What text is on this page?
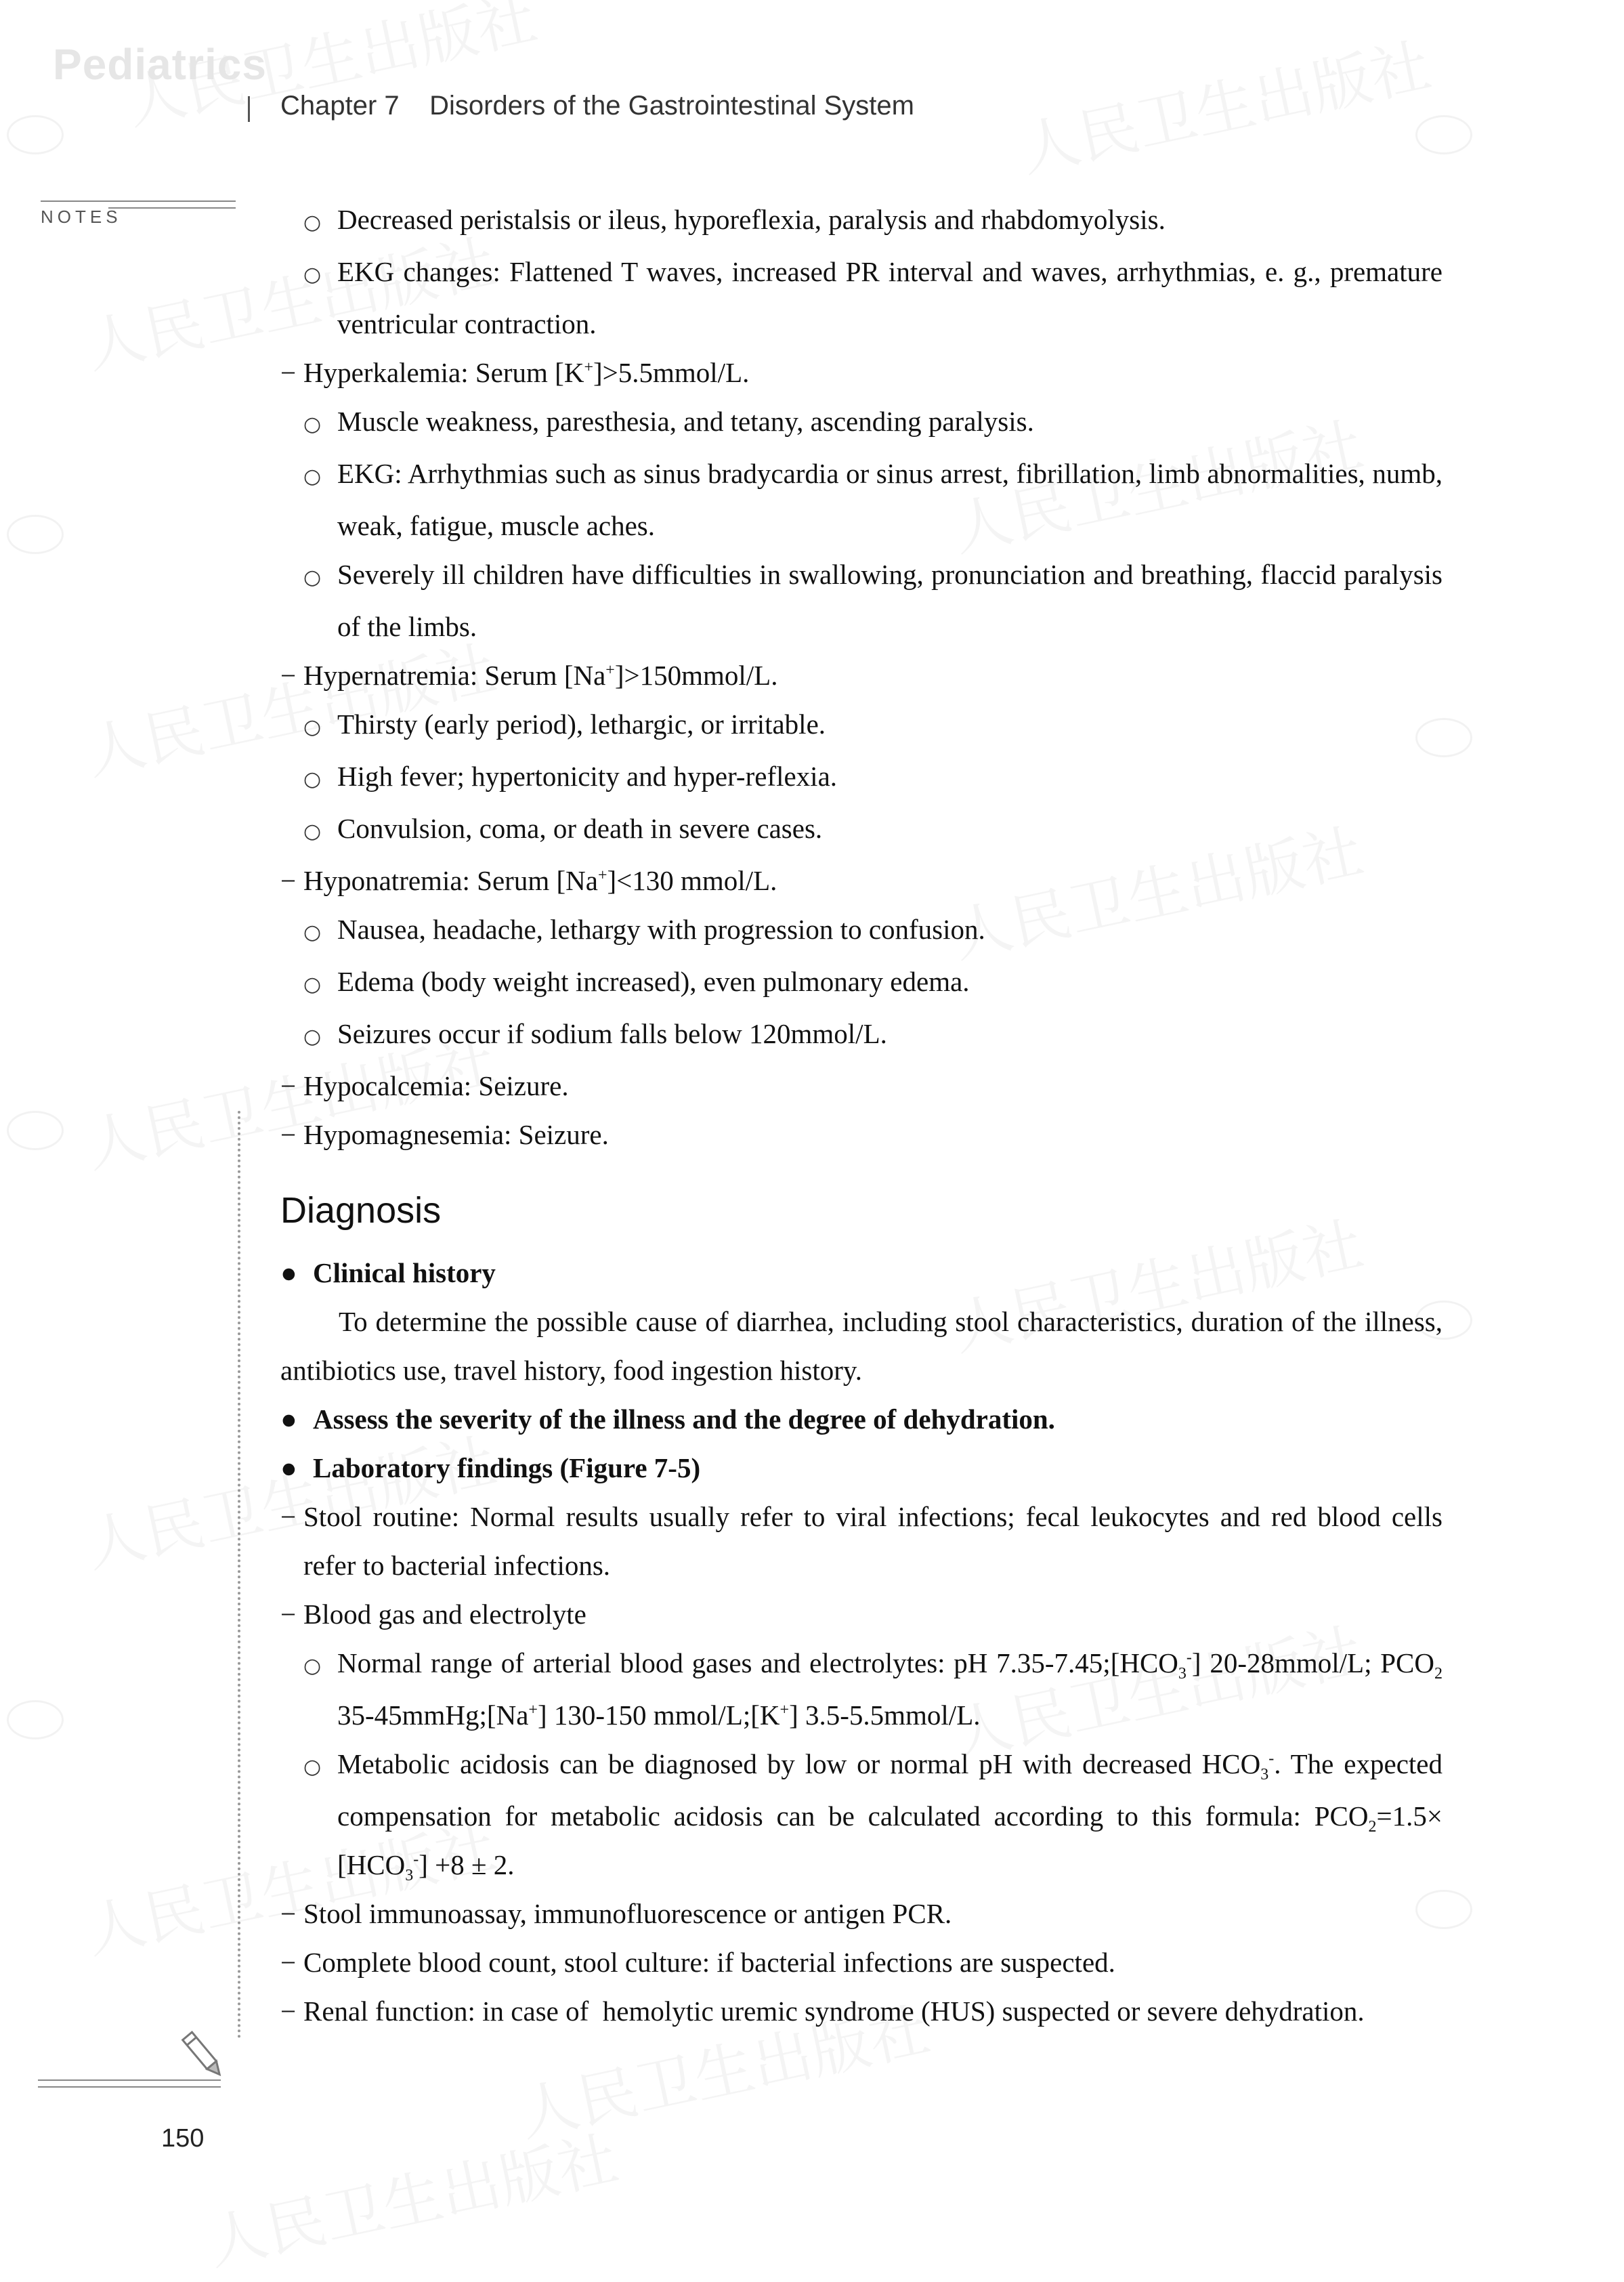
Pediatrics
Chapter 7    Disorders of the Gastrointestinal System
NOTES
150
○ Decreased peristalsis or ileus, hyporeflexia, paralysis and rhabdomyolysis.
○ EKG changes: Flattened T waves, increased PR interval and waves, arrhythmias, e. g., premature ventricular contraction.
− Hyperkalemia: Serum [K+]>5.5mmol/L.
○ Muscle weakness, paresthesia, and tetany, ascending paralysis.
○ EKG: Arrhythmias such as sinus bradycardia or sinus arrest, fibrillation, limb abnormalities, numb, weak, fatigue, muscle aches.
○ Severely ill children have difficulties in swallowing, pronunciation and breathing, flaccid paralysis of the limbs.
− Hypernatremia: Serum [Na+]>150mmol/L.
○ Thirsty (early period), lethargic, or irritable.
○ High fever; hypertonicity and hyper-reflexia.
○ Convulsion, coma, or death in severe cases.
− Hyponatremia: Serum [Na+]<130 mmol/L.
○ Nausea, headache, lethargy with progression to confusion.
○ Edema (body weight increased), even pulmonary edema.
○ Seizures occur if sodium falls below 120mmol/L.
− Hypocalcemia: Seizure.
− Hypomagnesemia: Seizure.
Diagnosis
● Clinical history
To determine the possible cause of diarrhea, including stool characteristics, duration of the illness, antibiotics use, travel history, food ingestion history.
● Assess the severity of the illness and the degree of dehydration.
● Laboratory findings (Figure 7-5)
− Stool routine: Normal results usually refer to viral infections; fecal leukocytes and red blood cells refer to bacterial infections.
− Blood gas and electrolyte
○ Normal range of arterial blood gases and electrolytes: pH $7.35-7.45;[HCO_3^-]$ 20-28mmol/L; $PCO_2$ 35-45mmHg;[Na+] 130-150 mmol/L;[K+] 3.5-5.5mmol/L.
○ Metabolic acidosis can be diagnosed by low or normal pH with decreased $HCO_3^-$. The expected compensation for metabolic acidosis can be calculated according to this formula: $PCO_2=1.5\times [HCO_3^-] +8 \pm 2$.
− Stool immunoassay, immunofluorescence or antigen PCR.
− Complete blood count, stool culture: if bacterial infections are suspected.
− Renal function: in case of  hemolytic uremic syndrome (HUS) suspected or severe dehydration.
